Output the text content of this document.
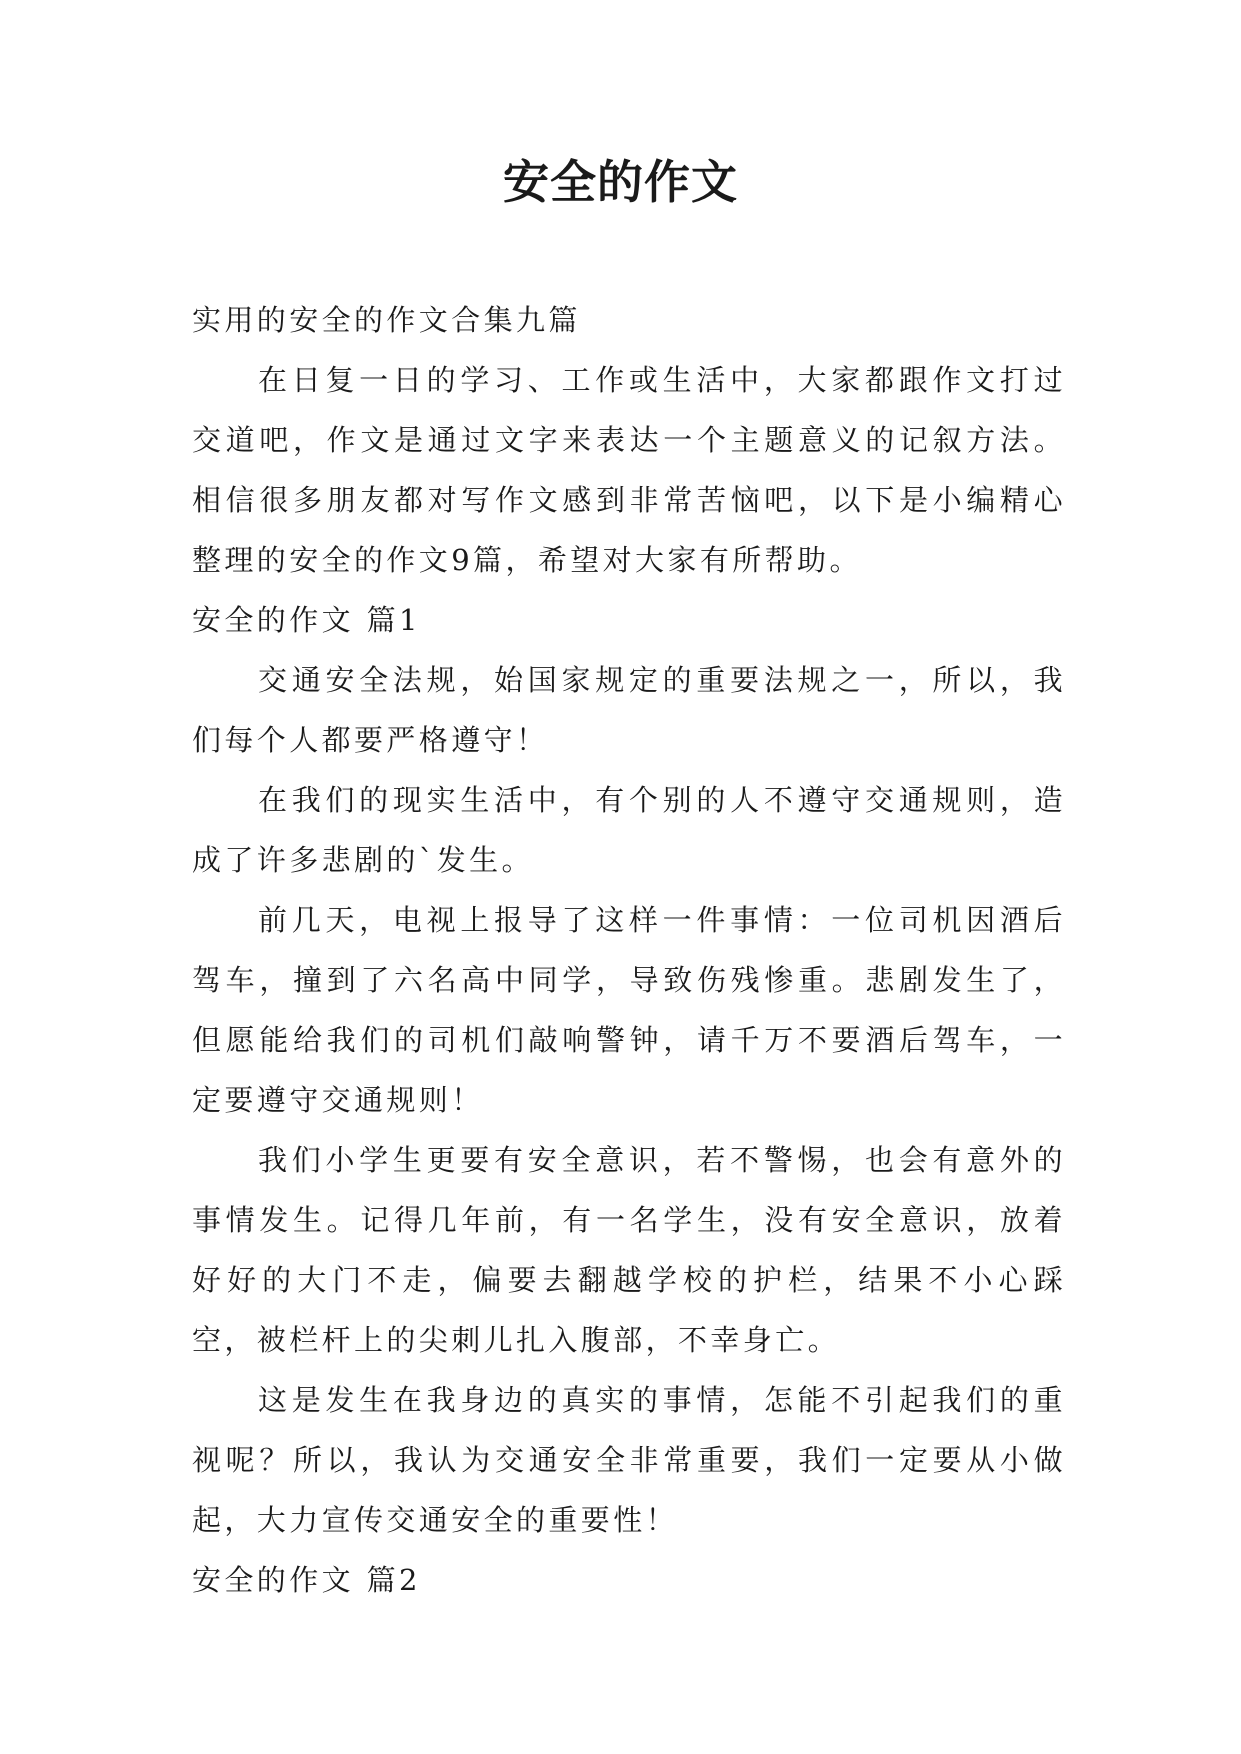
安全的作文

实用的安全的作文合集九篇

在日复一日的学习、工作或生活中，大家都跟作文打过交道吧，作文是通过文字来表达一个主题意义的记叙方法。相信很多朋友都对写作文感到非常苦恼吧，以下是小编精心整理的安全的作文9篇，希望对大家有所帮助。

安全的作文 篇1

交通安全法规，始国家规定的重要法规之一，所以，我们每个人都要严格遵守！

在我们的现实生活中，有个别的人不遵守交通规则，造成了许多悲剧的`发生。

前几天，电视上报导了这样一件事情：一位司机因酒后驾车，撞到了六名高中同学，导致伤残惨重。悲剧发生了，但愿能给我们的司机们敲响警钟，请千万不要酒后驾车，一定要遵守交通规则！

我们小学生更要有安全意识，若不警惕，也会有意外的事情发生。记得几年前，有一名学生，没有安全意识，放着好好的大门不走，偏要去翻越学校的护栏，结果不小心踩空，被栏杆上的尖刺儿扎入腹部，不幸身亡。

这是发生在我身边的真实的事情，怎能不引起我们的重视呢？所以，我认为交通安全非常重要，我们一定要从小做起，大力宣传交通安全的重要性！

安全的作文 篇2
